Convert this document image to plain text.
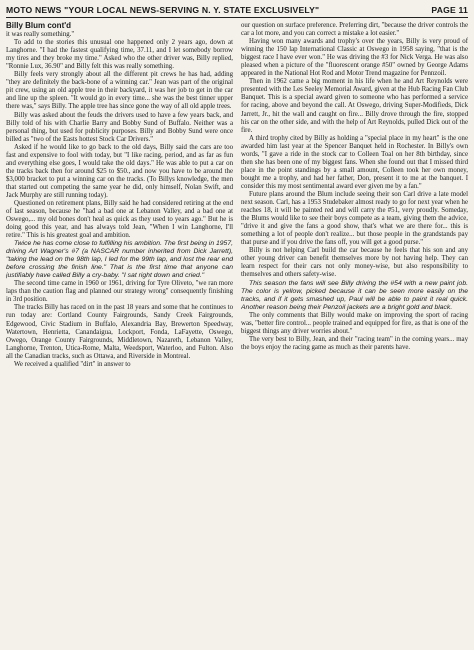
MOTO NEWS "YOUR LOCAL NEWS-SERVING N. Y. STATE EXCLUSIVELY"	PAGE 11
Billy Blum cont'd

it was really something."

To add to the stories this unusual one happened only 2 years ago, down at Langhorne. "I had the fastest qualifying time, 37.11, and I let somebody borrow my tires and they broke my time." Asked who the other driver was, Billy replied, "Ronnie Lux, 36.90" and Billy felt this was really something.

Billy feels very strongly about all the different pit crews he has had, adding "they are definitely the back-bone of a winning car." Jean was part of the original pit crew, using an old apple tree in their backyard, it was her job to get in the car and line up the spleen. "It would go in every time... she was the best tinner upper there was," says Billy. The apple tree has since gone the way of all old apple trees.

Billy was asked about the feuds the drivers used to have a few years back, and Billy told of his with Charlie Barry and Bobby Sund of Buffalo. Neither was a personal thing, but used for publicity purposes. Billy and Bobby Sund were once billed as "two of the Easts hottest Stock Car Drivers."

Asked if he would like to go back to the old days, Billy said the cars are too fast and expensive to fool with today, but "I like racing, period, and as far as fun and everything else goes, I would take the old days." He was able to put a car on the tracks back then for around $25 to $50., and now you have to be around the $3,000 bracket to put a winning car on the tracks. (To Billys knowledge, the men that started out competing the same year he did, only himself, Nolan Swift, and Jack Murphy are still running today).

Questioned on retirement plans, Billy said he had considered retiring at the end of last season, because he "had a bad one at Lebanon Valley, and a bad one at Oswego,... my old bones don't heal as quick as they used to years ago." But he is doing good this year, and has always told Jean, "When I win Langhorne, I'll retire." This is his greatest goal and ambition.

Twice he has come close to fulfilling his ambition. The first being in 1957, driving Art Wagner's #7 (a NASCAR number inherited from Dick Jarrett), "taking the lead on the 98th lap, I led for the 99th lap, and lost the rear end before crossing the finish line." That is the first time that anyone can justifiably have called Billy a cry-baby. "I sat right down and cried."

The second time came in 1960 or 1961, driving for Tyre Oliveto, "we ran more laps than the caution flag and planned our strategy wrong" consequently finishing in 3rd position.

The tracks Billy has raced on in the past 18 years and some that he continues to run today are: Cortland County Fairgrounds, Sandy Creek Fairgrounds, Edgewood, Civic Stadium in Buffalo, Alexandria Bay, Brewerton Speedway, Watertown, Henrietta, Canandaigua, Lockport, Fonda, LaFayette, Oswego, Owego, Orange County Fairgrounds, Middletown, Nazareth, Lebanon Valley, Langhorne, Trenton, Utica-Rome, Malta, Weedsport, Waterloo, and Fulton. Also all the Canadian tracks, such as Ottawa, and Riverside in Montreal.

We received a qualified "dirt" in answer to

our question on surface preference. Preferring dirt, "because the driver controls the car a lot more, and you can correct a mistake a lot easier."

Having won many awards and trophy's over the years, Billy is very proud of winning the 150 lap International Classic at Oswego in 1958 saying, "that is the biggest race I have ever won." He was driving the #3 for Nick Verga. He was also pleased when a picture of the "fluorescent orange #50" owned by George Adams appeared in the National Hot Rod and Motor Trend magazine for Pennzoil.

Then in 1962 came a big moment in his life when he and Art Reynolds were presented with the Les Seeley Memorial Award, given at the Hub Racing Fan Club Banquet. This is a special award given to someone who has performed a service for racing, above and beyond the call. At Oswego, driving Super-Modifieds, Dick Jarrett, Jr., hit the wall and caught on fire... Billy drove through the fire, stopped his car on the other side, and with the help of Art Reynolds, pulled Dick out of the fire.

A third trophy cited by Billy as holding a "special place in my heart" is the one awarded him last year at the Spencer Banquet held in Rochester. In Billy's own words, "I gave a ride in the stock car to Colleen Toal on her 8th birthday, since then she has been one of my biggest fans. When she found out that I missed third place in the point standings by a small amount, Colleen took her own money, bought me a trophy, and had her father, Don, present it to me at the banquet. I consider this my most sentimental award ever given me by a fan."

Future plans around the Blum include seeing their son Carl drive a late model next season. Carl, has a 1953 Studebaker almost ready to go for next year when he reaches 18, it will be painted red and will carry the #51, very proudly. Someday, the Blums would like to see their boys compete as a team, giving them the advice, "drive it and give the fans a good show, that's what we are there for... this is something a lot of people don't realize... but those people in the grandstands pay that purse and if you drive the fans off, you will get a good purse."

Billy is not helping Carl build the car because he feels that his son and any other young driver can benefit themselves more by not having help. They can learn respect for their cars not only money-wise, but also responsibility to themselves and others safety-wise.

This season the fans will see Billy driving the #54 with a new paint job. The color is yellow, picked because it can be seen more easily on the tracks, and if it gets smashed up, Paul will be able to paint it real quick. Another reason being their Penzoil jackets are a bright gold and black.

The only comments that Billy would make on improving the sport of racing was, "better fire control... people trained and equipped for fire, as that is one of the biggest things any driver worries about."

The very best to Billy, Jean, and their "racing team" in the coming years... may the boys enjoy the racing game as much as their parents have.
